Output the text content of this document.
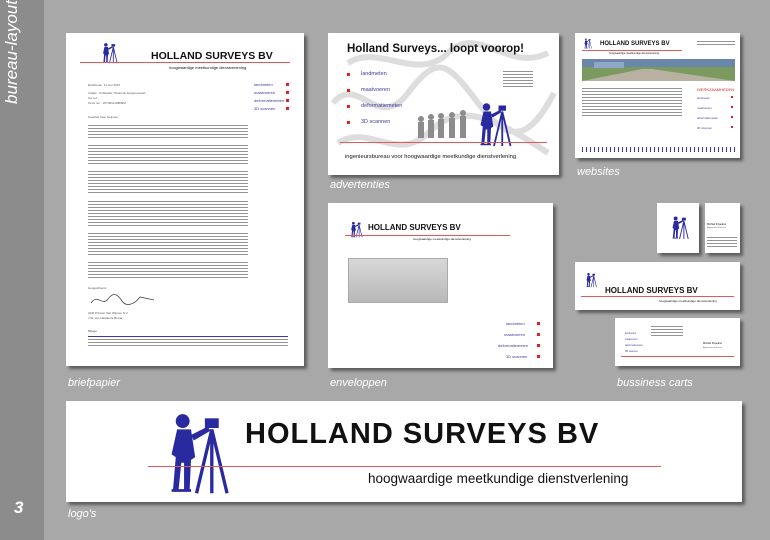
bureau-layout
3
HOLLAND SURVEYS BV
hoogwaardige meetkundige dienstverlening
Eindhoven, 11 mei 2007
Inzake : Publicatie "Stelende burgemeester"
Uw ref. :
Onze ref. : 2073611JHB/MM
Geachte heer Heijmen,
Hoogachtend,
AKD Prinsen Van Wijmen N.V.
J.W. van Haarlema Burna
Bijlage
landmeten
maatvoeren
deformatiemeten
3D scannen
briefpapier
Holland Surveys... loopt voorop!
landmeten
maatvoeren
deformatiemeten
3D scannen
ingenieursbureau voor hoogwaardige meetkundige dienstverlening
advertenties
HOLLAND SURVEYS BV
hoogwaardige meetkundige dienstverlening
WERKZAAMHEDEN
landmeten
maatvoeren
deformatiemeten
3D scannen
websites
HOLLAND SURVEYS BV
hoogwaardige meetkundige dienstverlening
landmeten
maatvoeren
deformatiemeten
3D scannen
enveloppen
Michiel Pepeleor
Algemeen directeur
HOLLAND SURVEYS BV
hoogwaardige meetkundige dienstverlening
landmeten
maatvoeren
deformatiemeten
3D scannen
Michiel Pepeleor
Algemeen directeur
bussiness carts
HOLLAND SURVEYS BV
hoogwaardige meetkundige dienstverlening
logo's
